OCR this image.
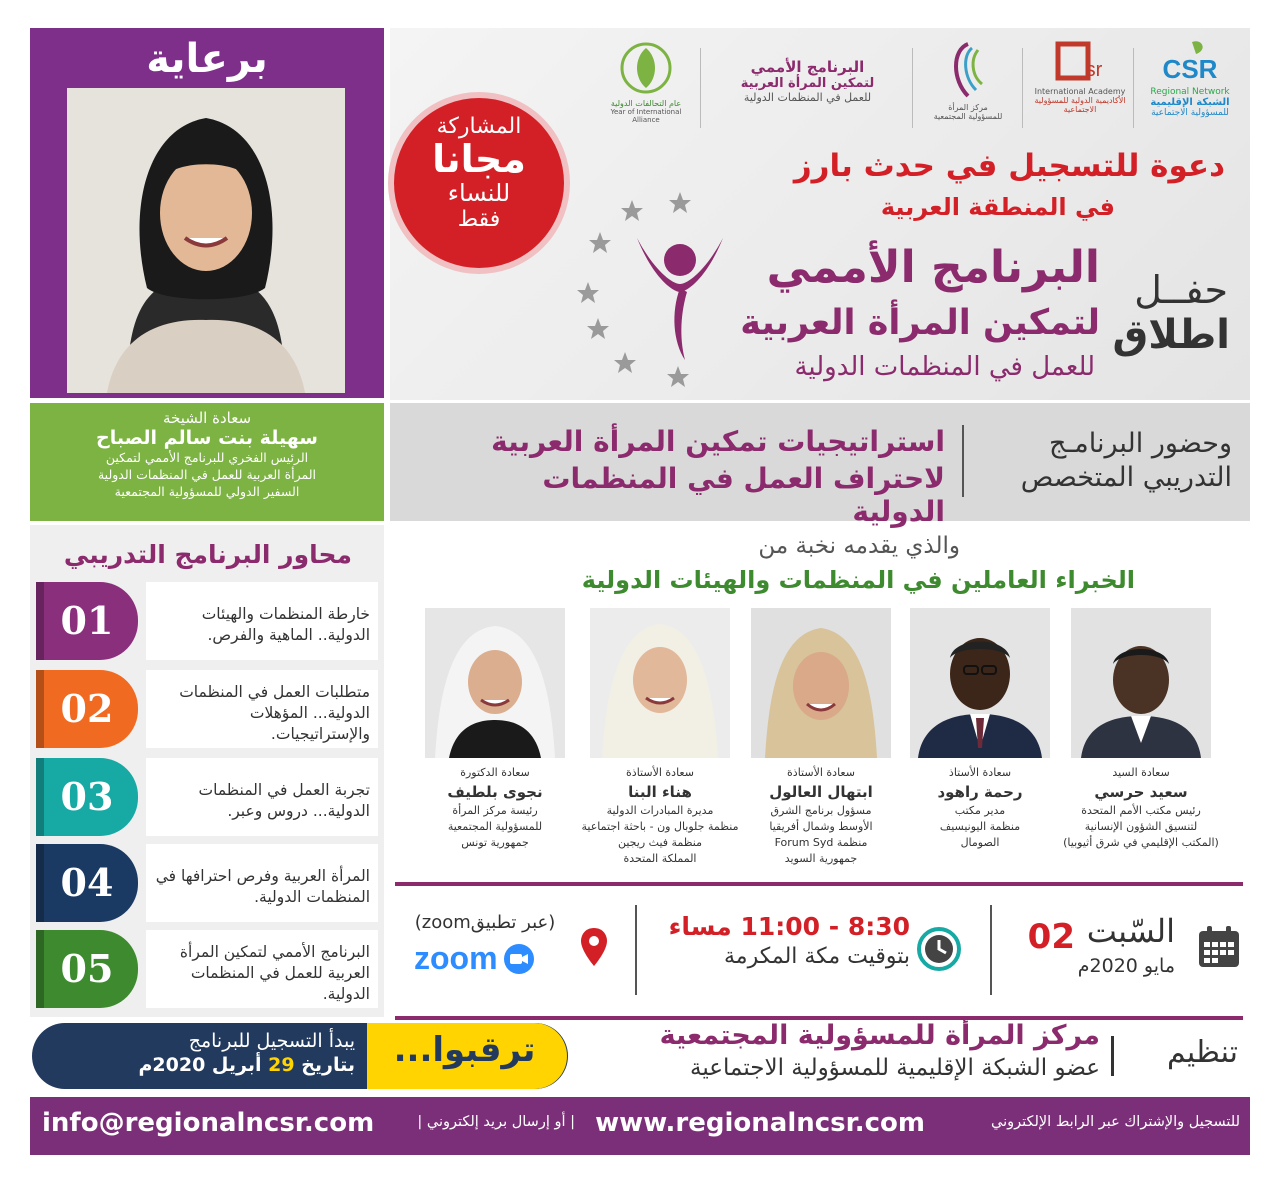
برعاية
سعادة الشيخة
سهيلة بنت سالم الصباح
الرئيس الفخري للبرنامج الأممي لتمكين
المرأة العربية للعمل في المنظمات الدولية
السفير الدولي للمسؤولية المجتمعية
CSR
Regional Network
الشبكة الإقليمية
للمسؤولية الاجتماعية
sr
International Academy
الأكاديمية الدولية للمسؤولية الاجتماعية
مركز المرأة
للمسؤولية المجتمعية
البرنامج الأممي
لتمكين المرأة العربية
للعمل في المنظمات الدولية
عام التحالفات الدولية
Year of International Alliance
المشاركة
مجانا
للنساء
فقط
دعوة للتسجيل في حدث بارز
في المنطقة العربية
البرنامج الأممي
لتمكين المرأة العربية
للعمل في المنظمات الدولية
حفــل
اطلاق
وحضور البرنامـج
التدريبي المتخصص
استراتيجيات تمكين المرأة العربية
لاحتراف العمل في المنظمات الدولية
محاور البرنامج التدريبي
01	خارطة المنظمات والهيئات الدولية.. الماهية والفرص.
02	متطلبات العمل في المنظمات الدولية... المؤهلات والإستراتيجيات.
03	تجربة العمل في المنظمات الدولية... دروس وعبر.
04	المرأة العربية وفرص احترافها في المنظمات الدولية.
05	البرنامج الأممي لتمكين المرأة العربية للعمل في المنظمات الدولية.
والذي يقدمه نخبة من
الخبراء العاملين في المنظمات والهيئات الدولية
سعادة السيد
سعيد حرسي
رئيس مكتب الأمم المتحدة
لتنسيق الشؤون الإنسانية
(المكتب الإقليمي في شرق أثيوبيا)
سعادة الأستاذ
رحمة راهود
مدير مكتب
منظمة اليونيسيف
الصومال
سعادة الأستاذة
ابتهال العالول
مسؤول برنامج الشرق
الأوسط وشمال أفريقيا
منظمة Forum Syd
جمهورية السويد
سعادة الأستاذة
هناء البنا
مديرة المبادرات الدولية
منظمة جلوبال ون - باحثة اجتماعية
منظمة فيث ريجين
المملكة المتحدة
سعادة الدكتورة
نجوى بلطيف
رئيسة مركز المرأة
للمسؤولية المجتمعية
جمهورية تونس
السّبت
02
مايو 2020م
8:30 - 11:00 مساء
بتوقيت مكة المكرمة
(عبر تطبيقzoom)
zoom
ترقبوا...
يبدأ التسجيل للبرنامج
بتاريخ 29 أبريل 2020م	تنظيم
مركز المرأة للمسؤولية المجتمعية
عضو الشبكة الإقليمية للمسؤولية الاجتماعية
للتسجيل والإشتراك عبر الرابط الإلكتروني
www.regionalncsr.com
| أو إرسال بريد إلكتروني |
info@regionalncsr.com
